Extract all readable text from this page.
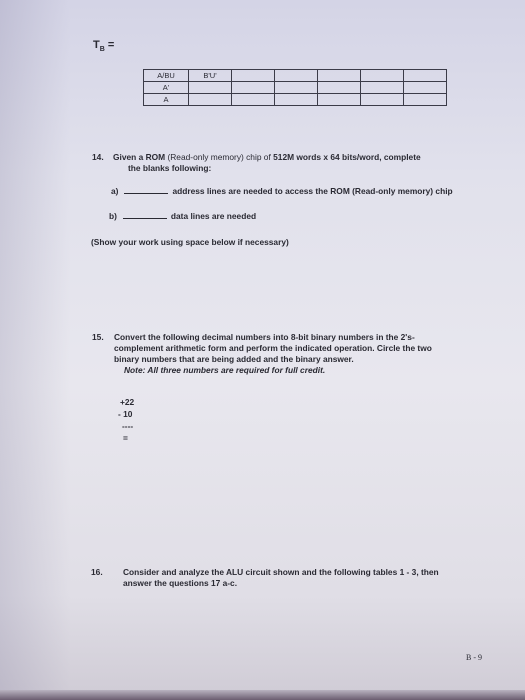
$T_B$ =
A/BU	B'U'					
A'						
A						
14. Given a ROM (Read-only memory) chip of 512M words x 64 bits/word, complete
the blanks following:
a)	address lines are needed to access the ROM (Read-only memory) chip
b)	data lines are needed
(Show your work using space below if necessary)
15. Convert the following decimal numbers into 8-bit binary numbers in the 2's-
complement arithmetic form and perform the indicated operation. Circle the two
binary numbers that are being added and the binary answer.
Note: All three numbers are required for full credit.
+22
- 10
----
=
16. Consider and analyze the ALU circuit shown and the following tables 1 - 3, then
answer the questions 17 a-c.
B - 9
